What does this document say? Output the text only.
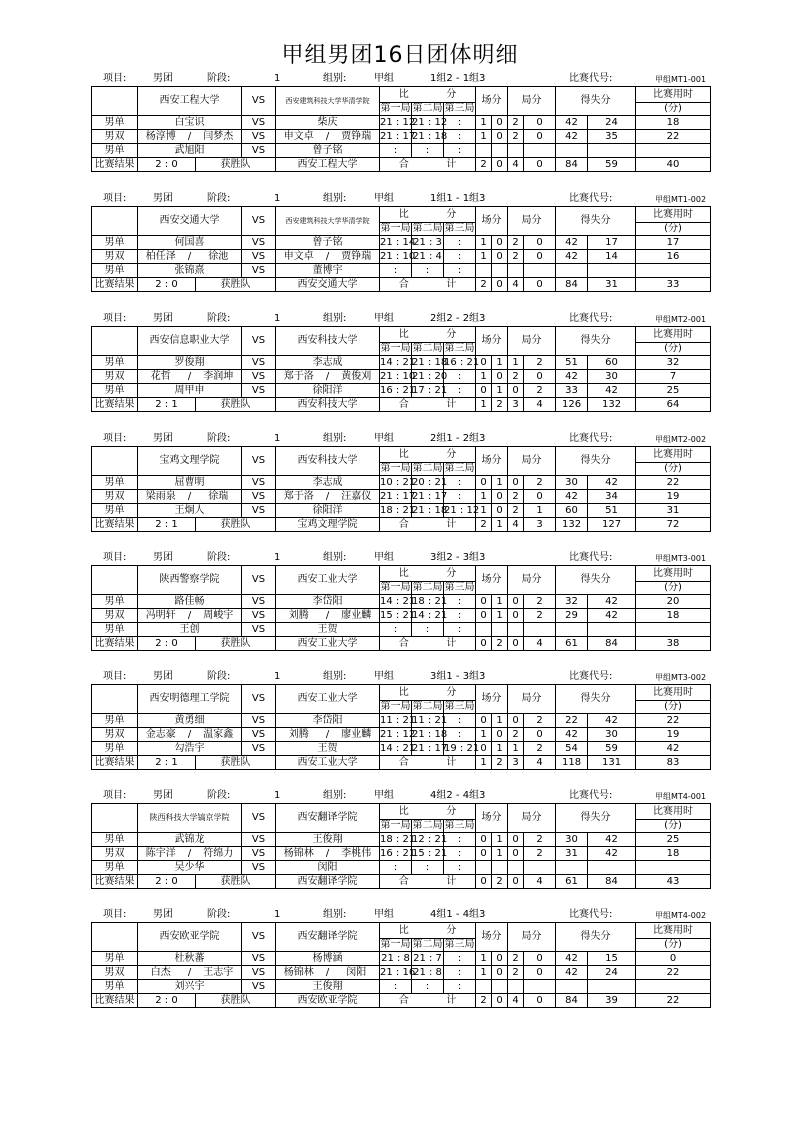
甲组男团16日团体明细
项目:	男团	阶段:	1	组别:	甲组	1组2 - 1组3	比赛代号:	甲组MT1-001
	西安工程大学			VS	西安建筑科技大学华清学院			比		分		场分		局分		得失分		比赛用时
								第一局	第二局		第三局							(分)
男单	白宝识			VS	柴庆			21 : 12	21 : 12		:	1	0	2	0	42	24	18
男双	杨淳博	/	闫梦杰	VS	申文卓	/	贾铮瑞	21 : 17	21 : 18		:	1	0	2	0	42	35	22
男单	武旭阳			VS	曾子铭			:	:		:							
比赛结果	2 : 0		获胜队		西安工程大学			合		计		2	0	4	0	84	59	40
项目:	男团	阶段:	1	组别:	甲组	1组1 - 1组3	比赛代号:	甲组MT1-002
	西安交通大学			VS	西安建筑科技大学华清学院			比		分		场分		局分		得失分		比赛用时
								第一局	第二局		第三局							(分)
男单	何国喜			VS	曾子铭			21 : 14	21 : 3		:	1	0	2	0	42	17	17
男双	柏任泽	/	徐池	VS	申文卓	/	贾铮瑞	21 : 10	21 : 4		:	1	0	2	0	42	14	16
男单	张锦熹			VS	董博宇			:	:		:							
比赛结果	2 : 0		获胜队		西安交通大学			合		计		2	0	4	0	84	31	33
项目:	男团	阶段:	1	组别:	甲组	2组2 - 2组3	比赛代号:	甲组MT2-001
	西安信息职业大学			VS	西安科技大学			比		分		场分		局分		得失分		比赛用时
								第一局	第二局		第三局							(分)
男单	罗俊翔			VS	李志成			14 : 21	21 : 18		16 : 21	0	1	1	2	51	60	32
男双	花哲	/	李润坤	VS	郑于洛	/	黄俊刈	21 : 10	21 : 20		:	1	0	2	0	42	30	7
男单	周甲申			VS	徐阳洋			16 : 21	17 : 21		:	0	1	0	2	33	42	25
比赛结果	2 : 1		获胜队		西安科技大学			合		计		1	2	3	4	126	132	64
项目:	男团	阶段:	1	组别:	甲组	2组1 - 2组3	比赛代号:	甲组MT2-002
	宝鸡文理学院			VS	西安科技大学			比		分		场分		局分		得失分		比赛用时
								第一局	第二局		第三局							(分)
男单	屈曹明			VS	李志成			10 : 21	20 : 21		:	0	1	0	2	30	42	22
男双	梁雨泉	/	徐瑞	VS	郑于洛	/	汪嘉仪	21 : 17	21 : 17		:	1	0	2	0	42	34	19
男单	王炯人			VS	徐阳洋			18 : 21	21 : 18		21 : 12	1	0	2	1	60	51	31
比赛结果	2 : 1		获胜队		宝鸡文理学院			合		计		2	1	4	3	132	127	72
项目:	男团	阶段:	1	组别:	甲组	3组2 - 3组3	比赛代号:	甲组MT3-001
	陕西警察学院			VS	西安工业大学			比		分		场分		局分		得失分		比赛用时
								第一局	第二局		第三局							(分)
男单	路佳畅			VS	李岱阳			14 : 21	18 : 21		:	0	1	0	2	32	42	20
男双	冯明轩	/	周峻宇	VS	刘腾	/	廖业麟	15 : 21	14 : 21		:	0	1	0	2	29	42	18
男单	王创			VS	王贺			:	:		:							
比赛结果	2 : 0		获胜队		西安工业大学			合		计		0	2	0	4	61	84	38
项目:	男团	阶段:	1	组别:	甲组	3组1 - 3组3	比赛代号:	甲组MT3-002
	西安明德理工学院			VS	西安工业大学			比		分		场分		局分		得失分		比赛用时
								第一局	第二局		第三局							(分)
男单	黄勇细			VS	李岱阳			11 : 21	11 : 21		:	0	1	0	2	22	42	22
男双	金志豪	/	温家鑫	VS	刘腾	/	廖业麟	21 : 12	21 : 18		:	1	0	2	0	42	30	19
男单	勾浩宇			VS	王贺			14 : 21	21 : 17		19 : 21	0	1	1	2	54	59	42
比赛结果	2 : 1		获胜队		西安工业大学			合		计		1	2	3	4	118	131	83
项目:	男团	阶段:	1	组别:	甲组	4组2 - 4组3	比赛代号:	甲组MT4-001
	陕西科技大学镐京学院			VS	西安翻译学院			比		分		场分		局分		得失分		比赛用时
								第一局	第二局		第三局							(分)
男单	武锦龙			VS	王俊翔			18 : 21	12 : 21		:	0	1	0	2	30	42	25
男双	陈宇洋	/	符绵力	VS	杨锦林	/	李桃伟	16 : 21	15 : 21		:	0	1	0	2	31	42	18
男单	吴少华			VS	闵阳			:	:		:							
比赛结果	2 : 0		获胜队		西安翻译学院			合		计		0	2	0	4	61	84	43
项目:	男团	阶段:	1	组别:	甲组	4组1 - 4组3	比赛代号:	甲组MT4-002
	西安欧亚学院			VS	西安翻译学院			比		分		场分		局分		得失分		比赛用时
								第一局	第二局		第三局							(分)
男单	杜秋蕃			VS	杨博涵			21 : 8	21 : 7		:	1	0	2	0	42	15	0
男双	白杰	/	王志宇	VS	杨锦林	/	闵阳	21 : 16	21 : 8		:	1	0	2	0	42	24	22
男单	刘兴宇			VS	王俊翔			:	:		:							
比赛结果	2 : 0		获胜队		西安欧亚学院			合		计		2	0	4	0	84	39	22
